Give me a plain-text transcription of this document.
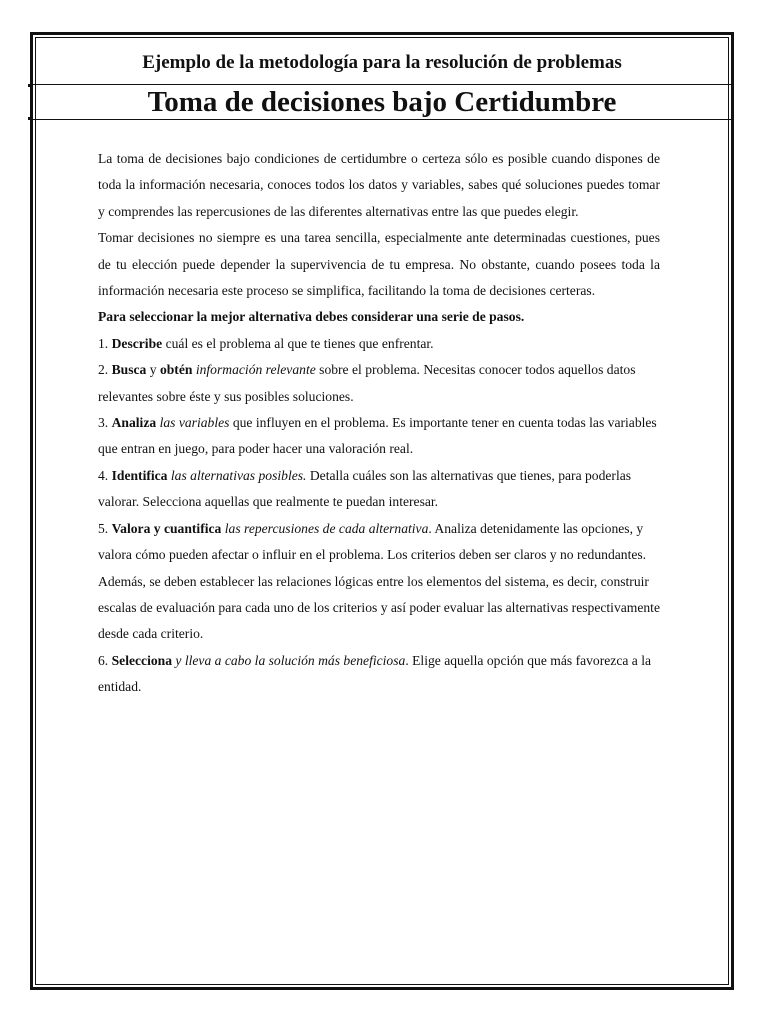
Ejemplo de la metodología para la resolución de problemas
Toma de decisiones bajo Certidumbre

La toma de decisiones bajo condiciones de certidumbre o certeza sólo es posible cuando dispones de toda la información necesaria, conoces todos los datos y variables, sabes qué soluciones puedes tomar y comprendes las repercusiones de las diferentes alternativas entre las que puedes elegir.

Tomar decisiones no siempre es una tarea sencilla, especialmente ante determinadas cuestiones, pues de tu elección puede depender la supervivencia de tu empresa. No obstante, cuando posees toda la información necesaria este proceso se simplifica, facilitando la toma de decisiones certeras.

Para seleccionar la mejor alternativa debes considerar una serie de pasos.

1. Describe cuál es el problema al que te tienes que enfrentar.

2. Busca y obtén información relevante sobre el problema. Necesitas conocer todos aquellos datos relevantes sobre éste y sus posibles soluciones.

3. Analiza las variables que influyen en el problema. Es importante tener en cuenta todas las variables que entran en juego, para poder hacer una valoración real.

4. Identifica las alternativas posibles. Detalla cuáles son las alternativas que tienes, para poderlas valorar. Selecciona aquellas que realmente te puedan interesar.

5. Valora y cuantifica las repercusiones de cada alternativa. Analiza detenidamente las opciones, y valora cómo pueden afectar o influir en el problema. Los criterios deben ser claros y no redundantes. Además, se deben establecer las relaciones lógicas entre los elementos del sistema, es decir, construir escalas de evaluación para cada uno de los criterios y así poder evaluar las alternativas respectivamente desde cada criterio.

6. Selecciona y lleva a cabo la solución más beneficiosa. Elige aquella opción que más favorezca a la entidad.
